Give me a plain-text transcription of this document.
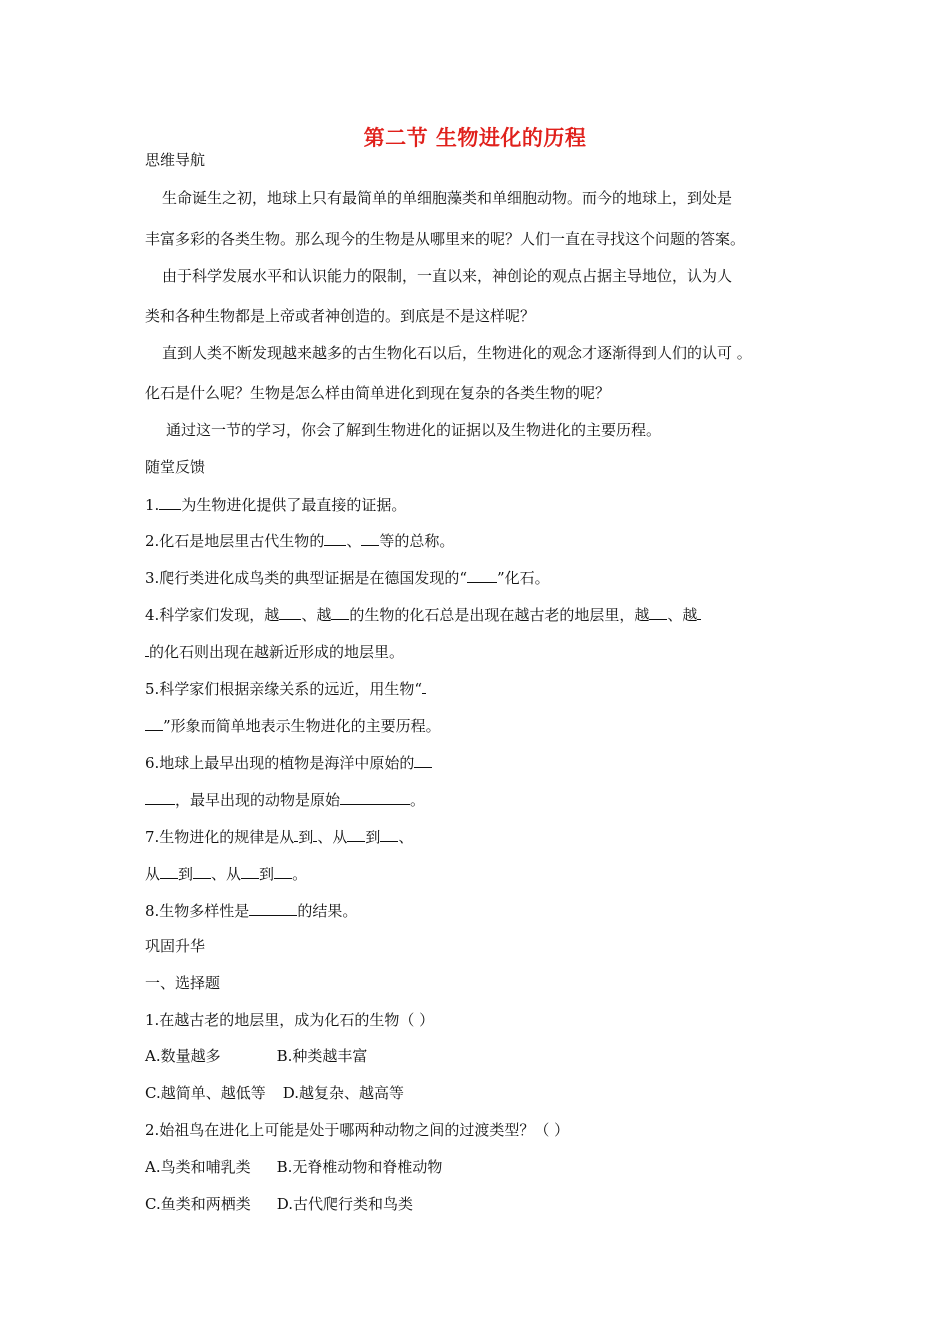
第二节 生物进化的历程
思维导航
生命诞生之初，地球上只有最简单的单细胞藻类和单细胞动物。而今的地球上，到处是
丰富多彩的各类生物。那么现今的生物是从哪里来的呢？人们一直在寻找这个问题的答案。
由于科学发展水平和认识能力的限制，一直以来，神创论的观点占据主导地位，认为人
类和各种生物都是上帝或者神创造的。到底是不是这样呢？
直到人类不断发现越来越多的古生物化石以后，生物进化的观念才逐渐得到人们的认可 。
化石是什么呢？生物是怎么样由简单进化到现在复杂的各类生物的呢？
通过这一节的学习，你会了解到生物进化的证据以及生物进化的主要历程。
随堂反馈
1. 为生物进化提供了最直接的证据。
2.化石是地层里古代生物的 、 等的总称。
3.爬行类进化成鸟类的典型证据是在德国发现的“ ”化石。
4.科学家们发现，越 、越 的生物的化石总是出现在越古老的地层里，越 、越
的化石则出现在越新近形成的地层里。
5.科学家们根据亲缘关系的远近，用生物“
”形象而简单地表示生物进化的主要历程。
6.地球上最早出现的植物是海洋中原始的
，最早出现的动物是原始	。
7.生物进化的规律是从 到 、从 到 、
从 到 、从 到 。
8.生物多样性是	的结果。
巩固升华
一、选择题
1.在越古老的地层里，成为化石的生物（ ）
A.数量越多	B.种类越丰富
C.越简单、越低等 D.越复杂、越高等
2.始祖鸟在进化上可能是处于哪两种动物之间的过渡类型？（ ）
A.鸟类和哺乳类 B.无脊椎动物和脊椎动物
C.鱼类和两栖类 D.古代爬行类和鸟类
